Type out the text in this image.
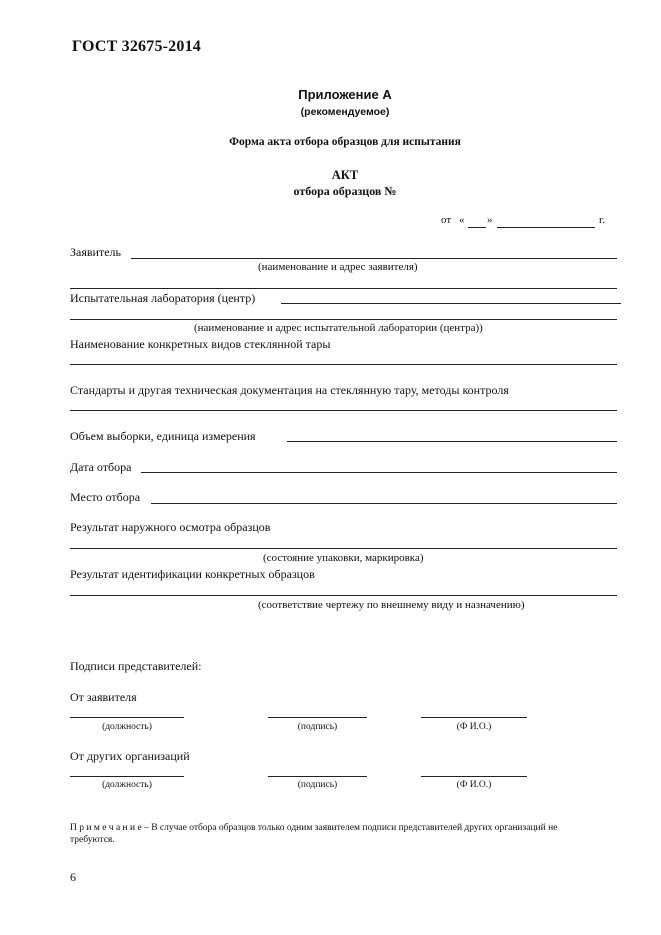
ГОСТ 32675-2014
Приложение А
(рекомендуемое)
Форма акта отбора образцов для испытания
АКТ
отбора образцов №
от « »	г.
Заявитель
(наименование и адрес заявителя)
Испытательная лаборатория (центр)
(наименование и адрес испытательной лаборатории (центра))
Наименование конкретных видов стеклянной тары
Стандарты и другая техническая документация на стеклянную тару, методы контроля
Объем выборки, единица измерения
Дата отбора
Место отбора
Результат наружного осмотра образцов
(состояние упаковки, маркировка)
Результат идентификации конкретных образцов
(соответствие чертежу по внешнему виду и назначению)
Подписи представителей:
От заявителя
(должность)	(подпись)	(Ф И.О.)
От других организаций
(должность)	(подпись)	(Ф И.О.)
П р и м е ч а н и е – В случае отбора образцов только одним заявителем подписи представителей других организаций не требуются.
6
